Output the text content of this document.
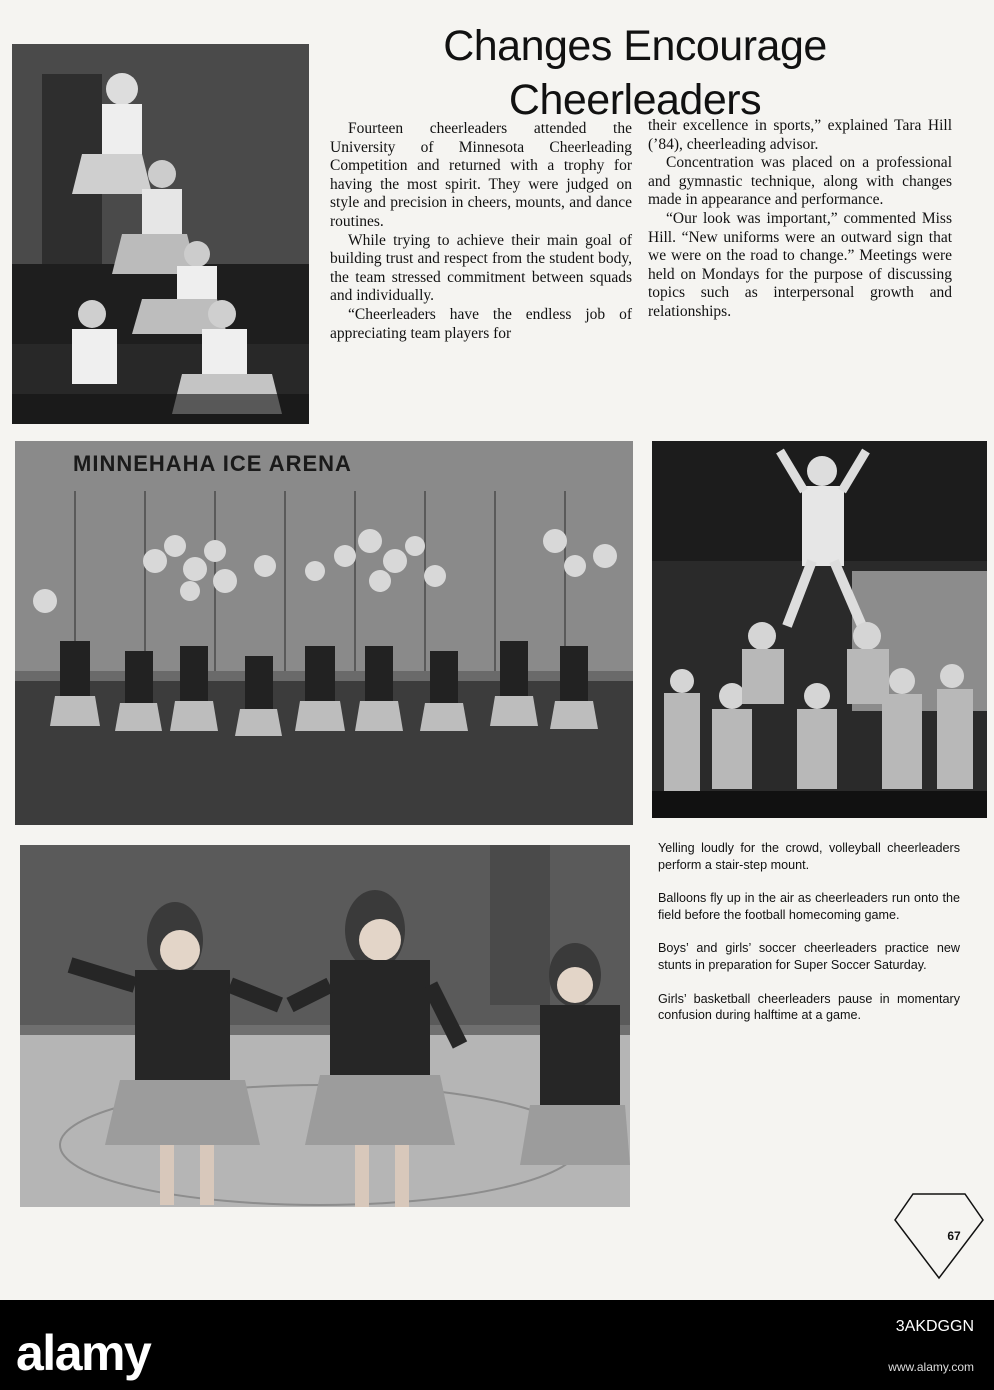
Changes Encourage
Cheerleaders

Fourteen cheerleaders attended the University of Minnesota Cheerleading Competition and returned with a trophy for having the most spirit. They were judged on style and precision in cheers, mounts, and dance routines.

While trying to achieve their main goal of building trust and respect from the student body, the team stressed commitment between squads and individually.

“Cheerleaders have the endless job of appreciating team players for

their excellence in sports,” explained Tara Hill (’84), cheerleading advisor.

Concentration was placed on a professional and gymnastic technique, along with changes made in appearance and performance.

“Our look was important,” commented Miss Hill. “New uniforms were an outward sign that we were on the road to change.” Meetings were held on Mondays for the purpose of discussing topics such as interpersonal growth and relationships.

MINNEHAHA ICE ARENA

Yelling loudly for the crowd, volleyball cheerleaders perform a stair-step mount.

Balloons fly up in the air as cheerleaders run onto the field before the football homecoming game.

Boys’ and girls’ soccer cheerleaders practice new stunts in preparation for Super Soccer Saturday.

Girls’ basketball cheerleaders pause in momentary confusion during halftime at a game.

67
alamy	3AKDGGN
www.alamy.com
